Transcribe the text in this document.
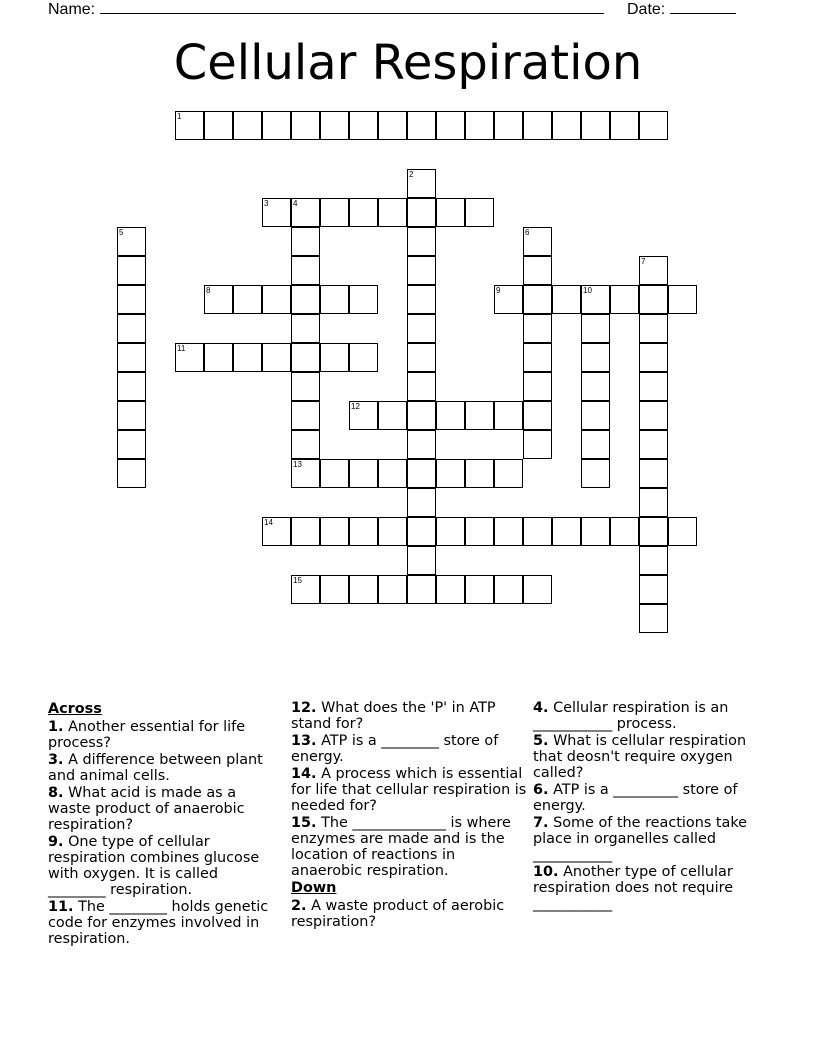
Name:	Date:
Cellular Respiration
1
2
3	4
13
5	6
7
8	9	10
11
12
14
15
Across
1. Another essential for life process?
3. A difference between plant and animal cells.
8. What acid is made as a waste product of anaerobic respiration?
9. One type of cellular respiration combines glucose with oxygen. It is called ________ respiration.
11. The ________ holds genetic code for enzymes involved in respiration.
12. What does the 'P' in ATP stand for?
13. ATP is a ________ store of energy.
14. A process which is essential for life that cellular respiration is needed for?
15. The _____________ is where enzymes are made and is the location of reactions in anaerobic respiration.
Down
2. A waste product of aerobic respiration?
4. Cellular respiration is an ___________ process.
5. What is cellular respiration that deosn't require oxygen called?
6. ATP is a _________ store of energy.
7. Some of the reactions take place in organelles called ___________
10. Another type of cellular respiration does not require ___________
